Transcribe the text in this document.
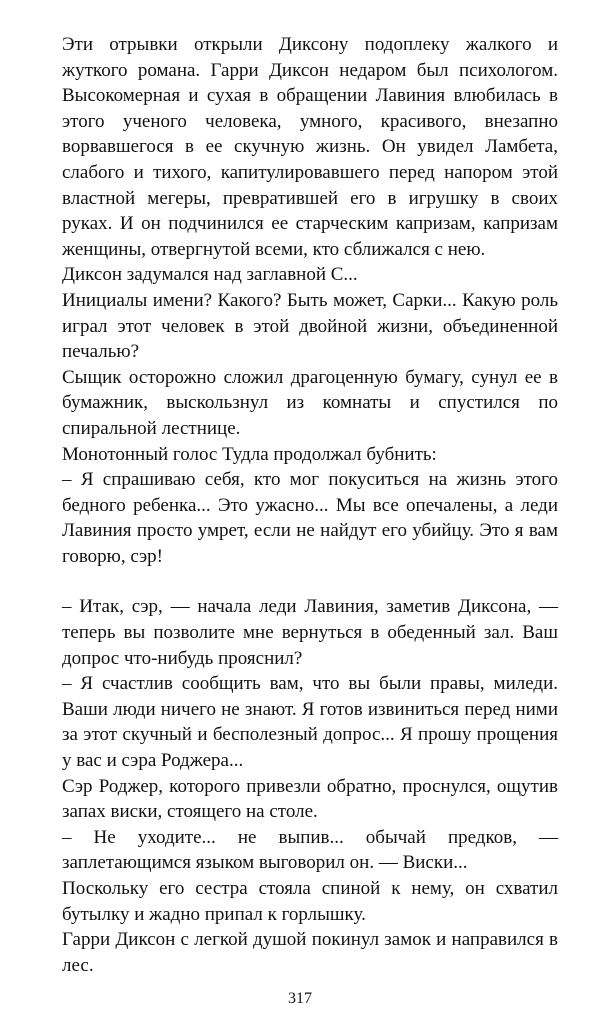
Эти отрывки открыли Диксону подоплеку жалкого и жуткого романа. Гарри Диксон недаром был психологом. Высокомерная и сухая в обращении Лавиния влюбилась в этого ученого человека, умного, красивого, внезапно ворвавшегося в ее скучную жизнь. Он увидел Ламбета, слабого и тихого, капитулировавшего перед напором этой властной мегеры, превратившей его в игрушку в своих руках. И он подчинился ее старческим капризам, капризам женщины, отвергнутой всеми, кто сближался с нею.

Диксон задумался над заглавной С...

Инициалы имени? Какого? Быть может, Сарки... Какую роль играл этот человек в этой двойной жизни, объединенной печалью?

Сыщик осторожно сложил драгоценную бумагу, сунул ее в бумажник, выскользнул из комнаты и спустился по спиральной лестнице.

Монотонный голос Тудла продолжал бубнить:

– Я спрашиваю себя, кто мог покуситься на жизнь этого бедного ребенка... Это ужасно... Мы все опечалены, а леди Лавиния просто умрет, если не найдут его убийцу. Это я вам говорю, сэр!

– Итак, сэр, — начала леди Лавиния, заметив Диксона, — теперь вы позволите мне вернуться в обеденный зал. Ваш допрос что-нибудь прояснил?

– Я счастлив сообщить вам, что вы были правы, миледи. Ваши люди ничего не знают. Я готов извиниться перед ними за этот скучный и бесполезный допрос... Я прошу прощения у вас и сэра Роджера...

Сэр Роджер, которого привезли обратно, проснулся, ощутив запах виски, стоящего на столе.

– Не уходите... не выпив... обычай предков, — заплетающимся языком выговорил он. — Виски...

Поскольку его сестра стояла спиной к нему, он схватил бутылку и жадно припал к горлышку.

Гарри Диксон с легкой душой покинул замок и направился в лес.

317
